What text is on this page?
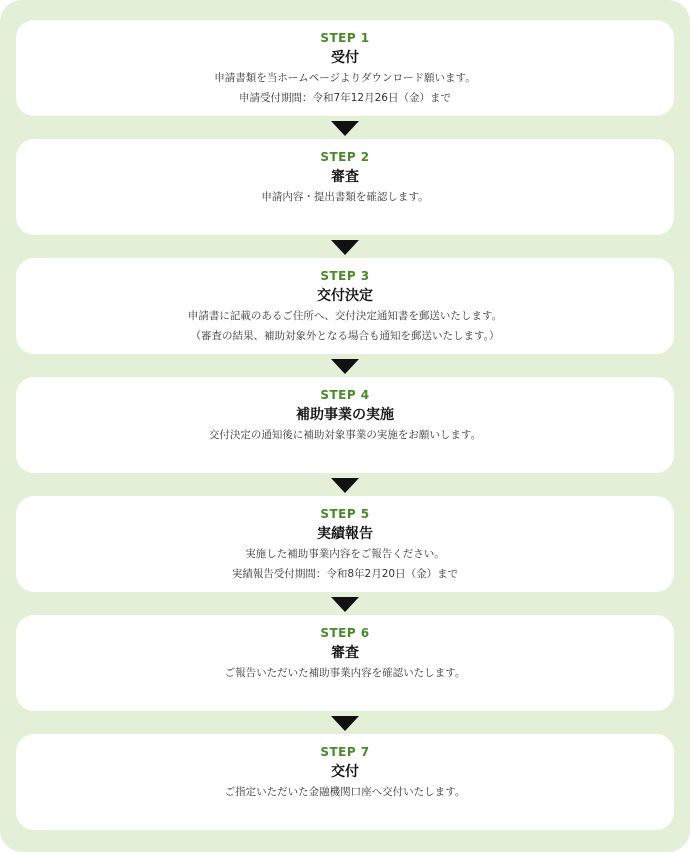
STEP 1
受付
申請書類を当ホームページよりダウンロード願います。
申請受付期間：令和7年12月26日（金）まで
STEP 2
審査
申請内容・提出書類を確認します。
STEP 3
交付決定
申請書に記載のあるご住所へ、交付決定通知書を郵送いたします。
（審査の結果、補助対象外となる場合も通知を郵送いたします。）
STEP 4
補助事業の実施
交付決定の通知後に補助対象事業の実施をお願いします。
STEP 5
実績報告
実施した補助事業内容をご報告ください。
実績報告受付期間：令和8年2月20日（金）まで
STEP 6
審査
ご報告いただいた補助事業内容を確認いたします。
STEP 7
交付
ご指定いただいた金融機関口座へ交付いたします。
